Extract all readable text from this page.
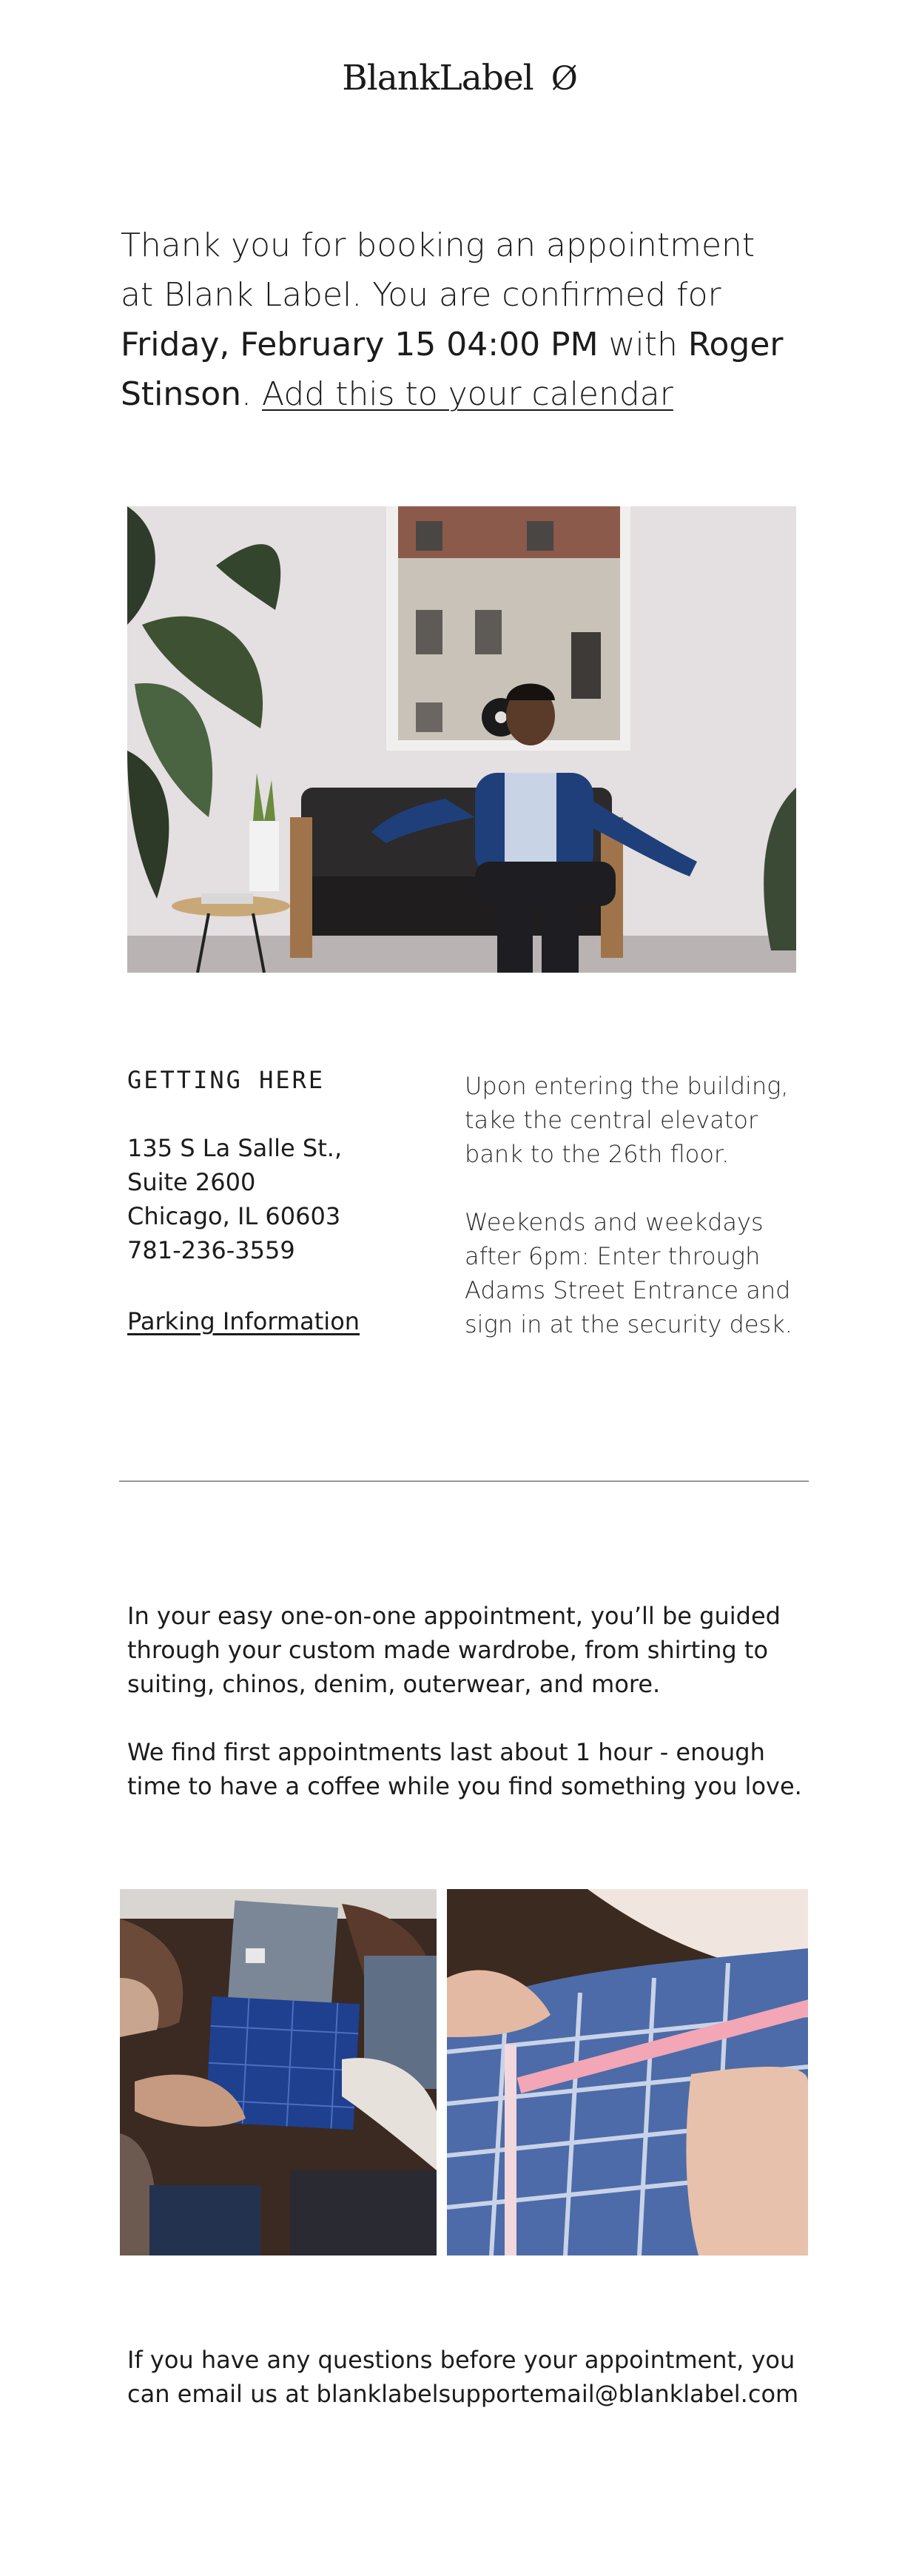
BlankLabel Ø
Thank you for booking an appointment at Blank Label. You are confirmed for Friday, February 15 04:00 PM with Roger Stinson. Add this to your calendar
GETTING HERE
135 S La Salle St.,
Suite 2600
Chicago, IL 60603
781-236-3559
Parking Information

Upon entering the building, take the central elevator bank to the 26th floor.

Weekends and weekdays after 6pm: Enter through Adams Street Entrance and sign in at the security desk.

In your easy one-on-one appointment, you’ll be guided through your custom made wardrobe, from shirting to suiting, chinos, denim, outerwear, and more.

We find first appointments last about 1 hour - enough time to have a coffee while you find something you love.

If you have any questions before your appointment, you can email us at blanklabelsupportemail@blanklabel.com
